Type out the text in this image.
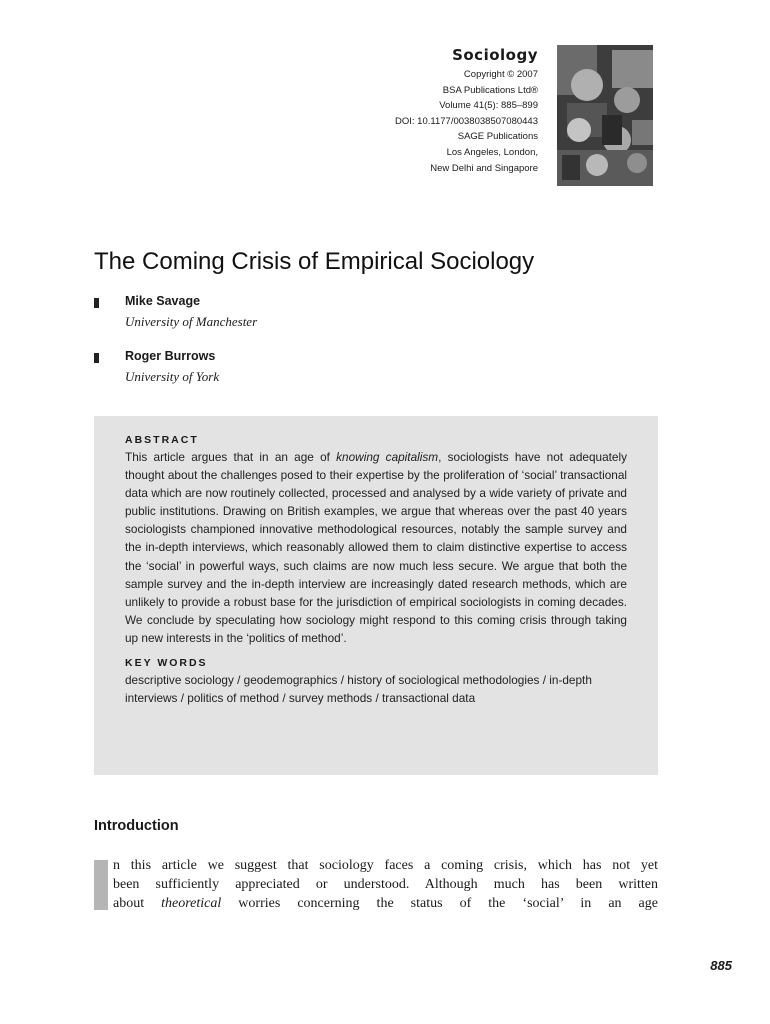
Sociology
Copyright © 2007
BSA Publications Ltd®
Volume 41(5): 885–899
DOI: 10.1177/0038038507080443
SAGE Publications
Los Angeles, London,
New Delhi and Singapore
The Coming Crisis of Empirical Sociology
Mike Savage
University of Manchester
Roger Burrows
University of York
ABSTRACT
This article argues that in an age of knowing capitalism, sociologists have not adequately thought about the challenges posed to their expertise by the proliferation of ‘social’ transactional data which are now routinely collected, processed and analysed by a wide variety of private and public institutions. Drawing on British examples, we argue that whereas over the past 40 years sociologists championed innovative methodological resources, notably the sample survey and the in-depth interviews, which reasonably allowed them to claim distinctive expertise to access the ‘social’ in powerful ways, such claims are now much less secure. We argue that both the sample survey and the in-depth interview are increasingly dated research methods, which are unlikely to provide a robust base for the jurisdiction of empirical sociologists in coming decades. We conclude by speculating how sociology might respond to this coming crisis through taking up new interests in the ‘politics of method’.
KEY WORDS
descriptive sociology / geodemographics / history of sociological methodologies / in-depth interviews / politics of method / survey methods / transactional data
Introduction
n this article we suggest that sociology faces a coming crisis, which has not yet
been sufficiently appreciated or understood. Although much has been written
about theoretical worries concerning the status of the ‘social’ in an age
885
